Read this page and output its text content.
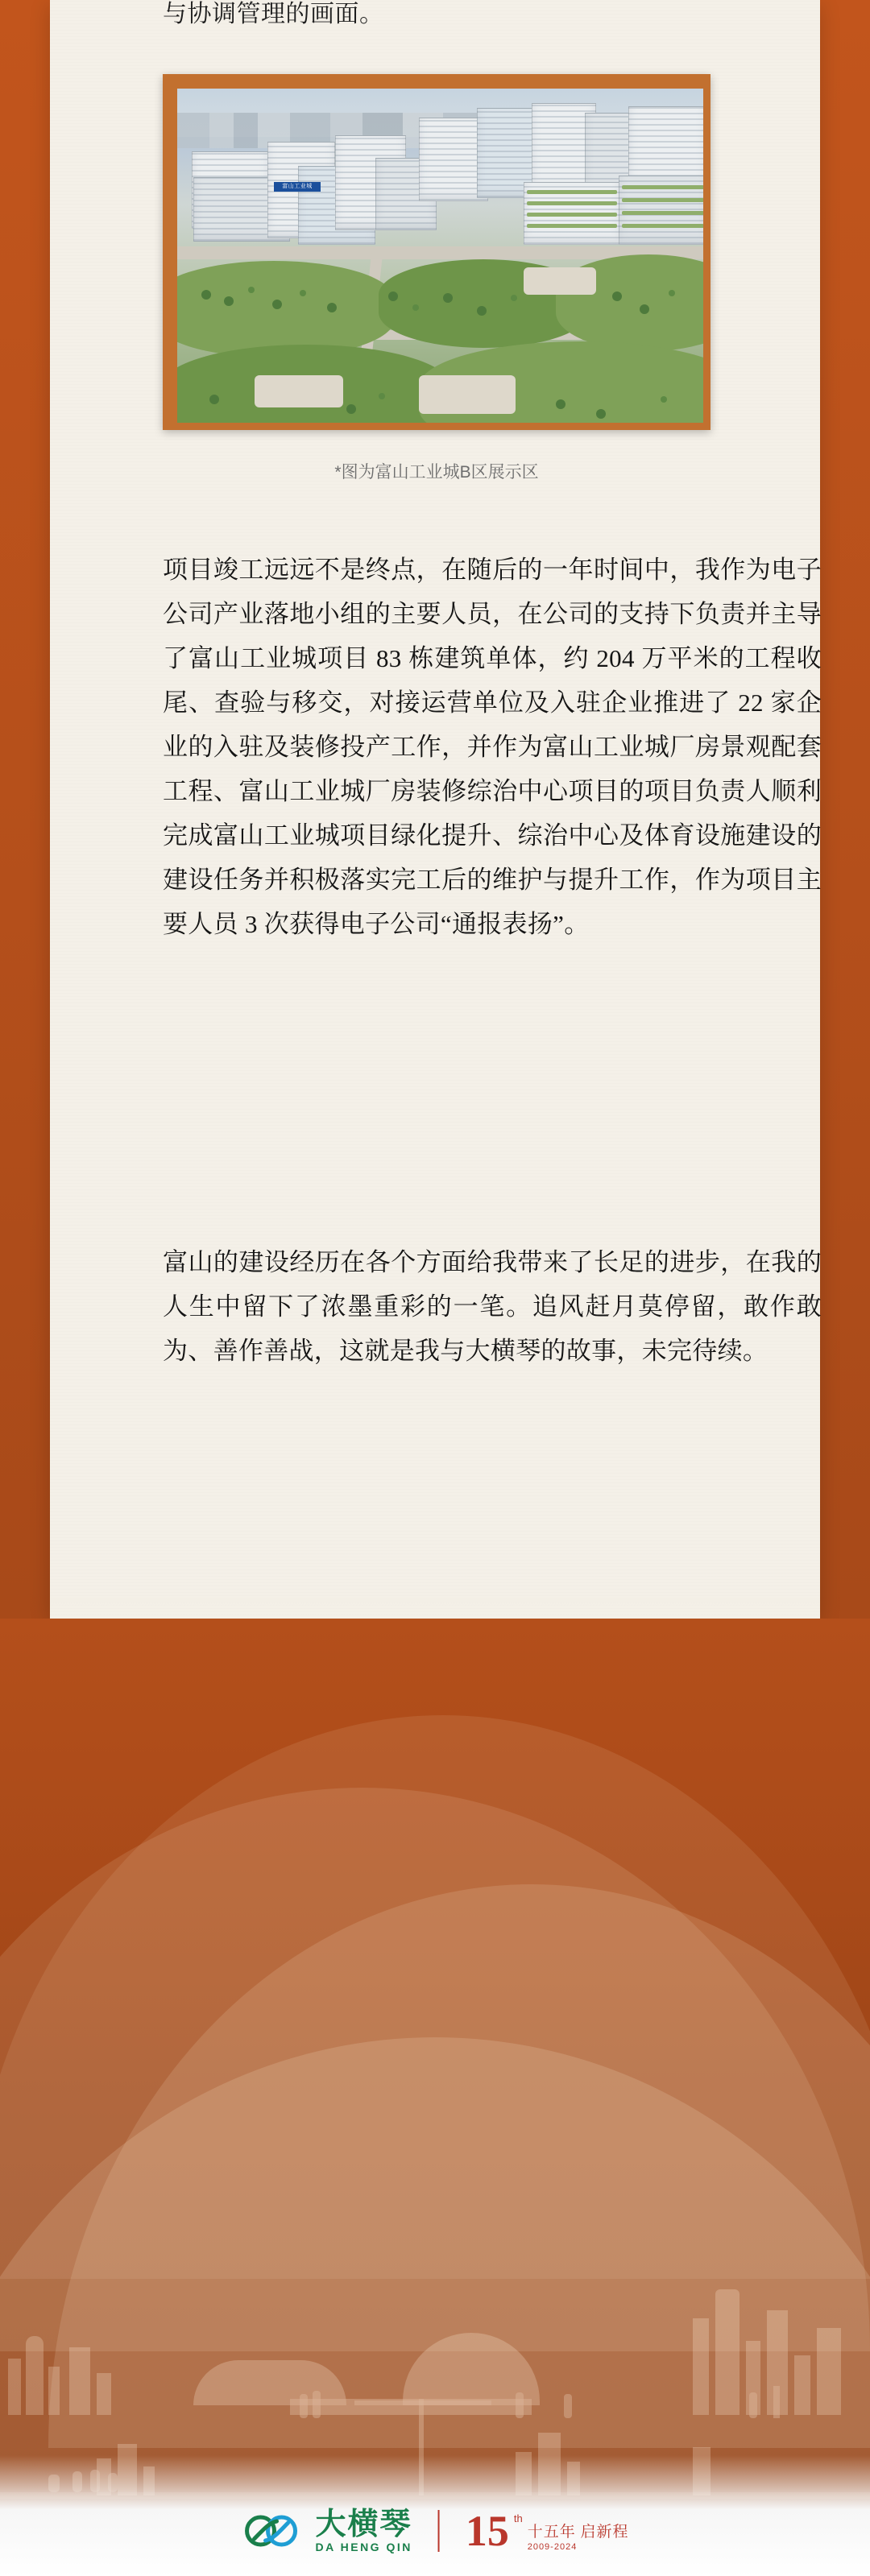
与协调管理的画面。
富山工业城
*图为富山工业城B区展示区
项目竣工远远不是终点，在随后的一年时间中，我作为电子公司产业落地小组的主要人员，在公司的支持下负责并主导了富山工业城项目 83 栋建筑单体，约 204 万平米的工程收尾、查验与移交，对接运营单位及入驻企业推进了 22 家企业的入驻及装修投产工作，并作为富山工业城厂房景观配套工程、富山工业城厂房装修综治中心项目的项目负责人顺利完成富山工业城项目绿化提升、综治中心及体育设施建设的建设任务并积极落实完工后的维护与提升工作，作为项目主要人员 3 次获得电子公司“通报表扬”。
富山的建设经历在各个方面给我带来了长足的进步，在我的人生中留下了浓墨重彩的一笔。追风赶月莫停留，敢作敢为、善作善战，这就是我与大横琴的故事，未完待续。
大横琴
DA HENG QIN 15 th
十五年 启新程
2009-2024
